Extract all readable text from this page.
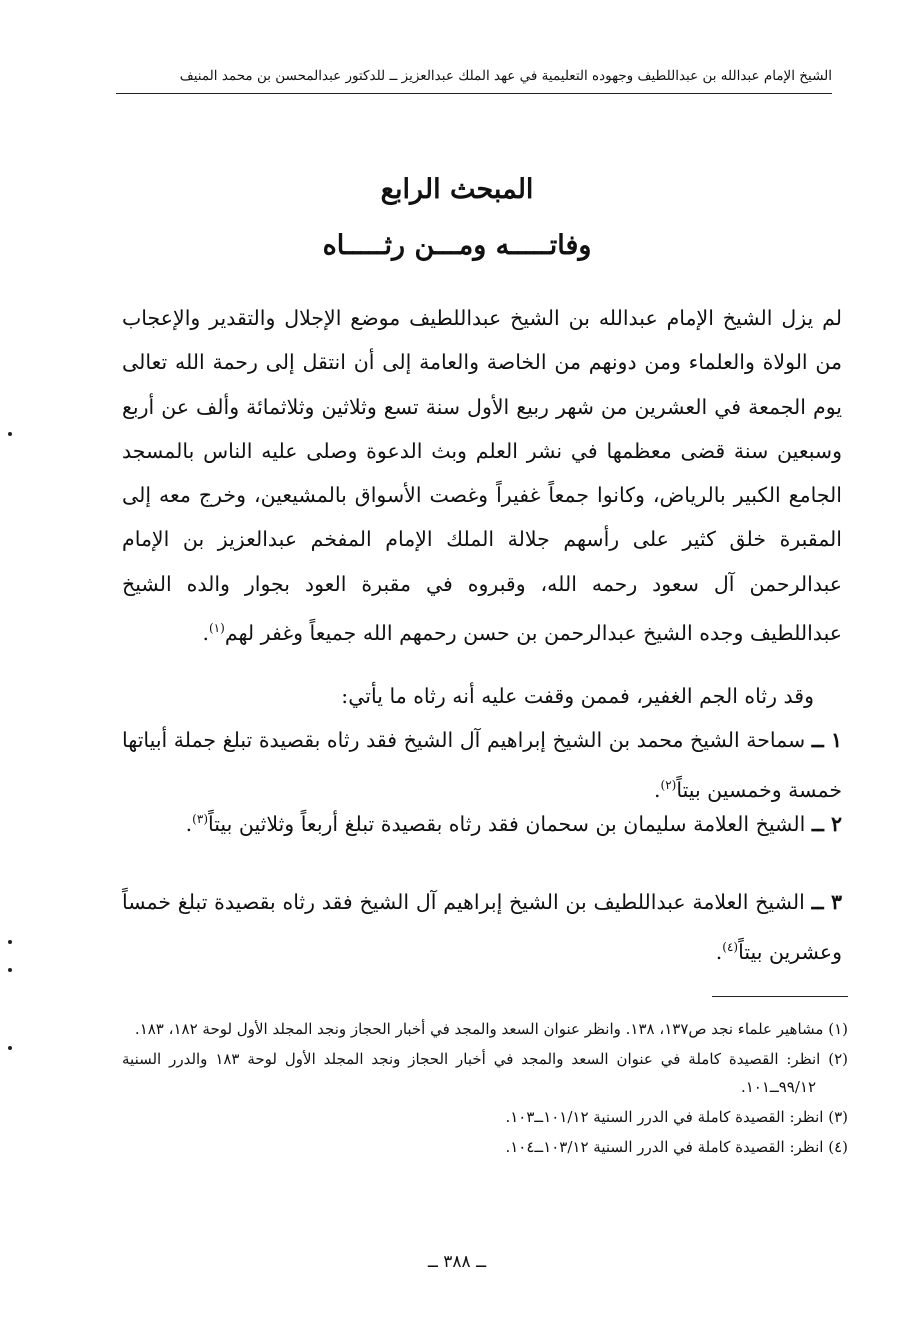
الشيخ الإمام عبدالله بن عبداللطيف وجهوده التعليمية في عهد الملك عبدالعزيز ــ للدكتور عبدالمحسن بن محمد المنيف
المبحث الرابع
وفاتـــــه ومـــن رثـــــاه
لم يزل الشيخ الإمام عبدالله بن الشيخ عبداللطيف موضع الإجلال والتقدير والإعجاب من الولاة والعلماء ومن دونهم من الخاصة والعامة إلى أن انتقل إلى رحمة الله تعالى يوم الجمعة في العشرين من شهر ربيع الأول سنة تسع وثلاثين وثلاثمائة وألف عن أربع وسبعين سنة قضى معظمها في نشر العلم وبث الدعوة وصلى عليه الناس بالمسجد الجامع الكبير بالرياض، وكانوا جمعاً غفيراً وغصت الأسواق بالمشيعين، وخرج معه إلى المقبرة خلق كثير على رأسهم جلالة الملك الإمام المفخم عبدالعزيز بن الإمام عبدالرحمن آل سعود رحمه الله، وقبروه في مقبرة العود بجوار والده الشيخ عبداللطيف وجده الشيخ عبدالرحمن بن حسن رحمهم الله جميعاً وغفر لهم$^{(١)}$.
وقد رثاه الجم الغفير، فممن وقفت عليه أنه رثاه ما يأتي:
١ ــ سماحة الشيخ محمد بن الشيخ إبراهيم آل الشيخ فقد رثاه بقصيدة تبلغ جملة أبياتها خمسة وخمسين بيتاً$^{(٢)}$.
٢ ــ الشيخ العلامة سليمان بن سحمان فقد رثاه بقصيدة تبلغ أربعاً وثلاثين بيتاً$^{(٣)}$.
٣ ــ الشيخ العلامة عبداللطيف بن الشيخ إبراهيم آل الشيخ فقد رثاه بقصيدة تبلغ خمساً وعشرين بيتاً$^{(٤)}$.

(١) مشاهير علماء نجد ص١٣٧، ١٣٨. وانظر عنوان السعد والمجد في أخبار الحجاز ونجد المجلد الأول لوحة ١٨٢، ١٨٣.

(٢) انظر: القصيدة كاملة في عنوان السعد والمجد في أخبار الحجاز ونجد المجلد الأول لوحة ١٨٣ والدرر السنية ٩٩/١٢ــ١٠١.

(٣) انظر: القصيدة كاملة في الدرر السنية ١٠١/١٢ــ١٠٣.

(٤) انظر: القصيدة كاملة في الدرر السنية ١٠٣/١٢ــ١٠٤.

ــ ٣٨٨ ــ
